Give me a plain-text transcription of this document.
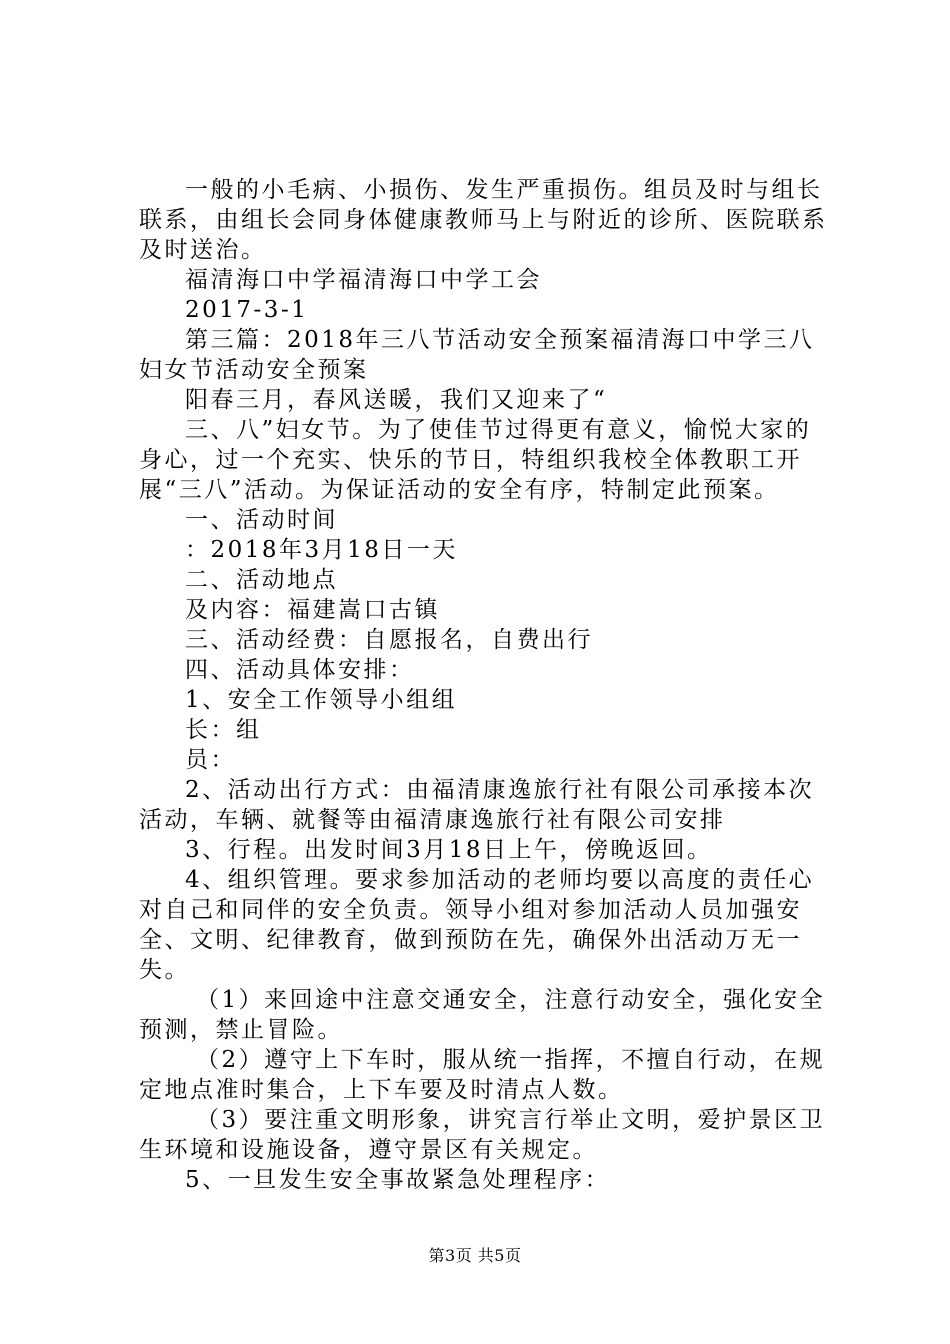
一般的小毛病、小损伤、发生严重损伤。组员及时与组长联系，由组长会同身体健康教师马上与附近的诊所、医院联系及时送治。

福清海口中学福清海口中学工会

2017-3-1

第三篇：2018年三八节活动安全预案福清海口中学三八妇女节活动安全预案

阳春三月，春风送暖，我们又迎来了“

三、八”妇女节。为了使佳节过得更有意义，愉悦大家的身心，过一个充实、快乐的节日，特组织我校全体教职工开展“三八”活动。为保证活动的安全有序，特制定此预案。

一、活动时间

：2018年3月18日一天

二、活动地点

及内容：福建嵩口古镇

三、活动经费：自愿报名，自费出行

四、活动具体安排：

1、安全工作领导小组组

长：组

员：

2、活动出行方式：由福清康逸旅行社有限公司承接本次活动，车辆、就餐等由福清康逸旅行社有限公司安排

3、行程。出发时间3月18日上午，傍晚返回。

4、组织管理。要求参加活动的老师均要以高度的责任心对自己和同伴的安全负责。领导小组对参加活动人员加强安全、文明、纪律教育，做到预防在先，确保外出活动万无一失。

（1）来回途中注意交通安全，注意行动安全，强化安全预测，禁止冒险。

（2）遵守上下车时，服从统一指挥，不擅自行动，在规定地点准时集合，上下车要及时清点人数。

（3）要注重文明形象，讲究言行举止文明，爱护景区卫生环境和设施设备，遵守景区有关规定。

5、一旦发生安全事故紧急处理程序：

第3页 共5页
